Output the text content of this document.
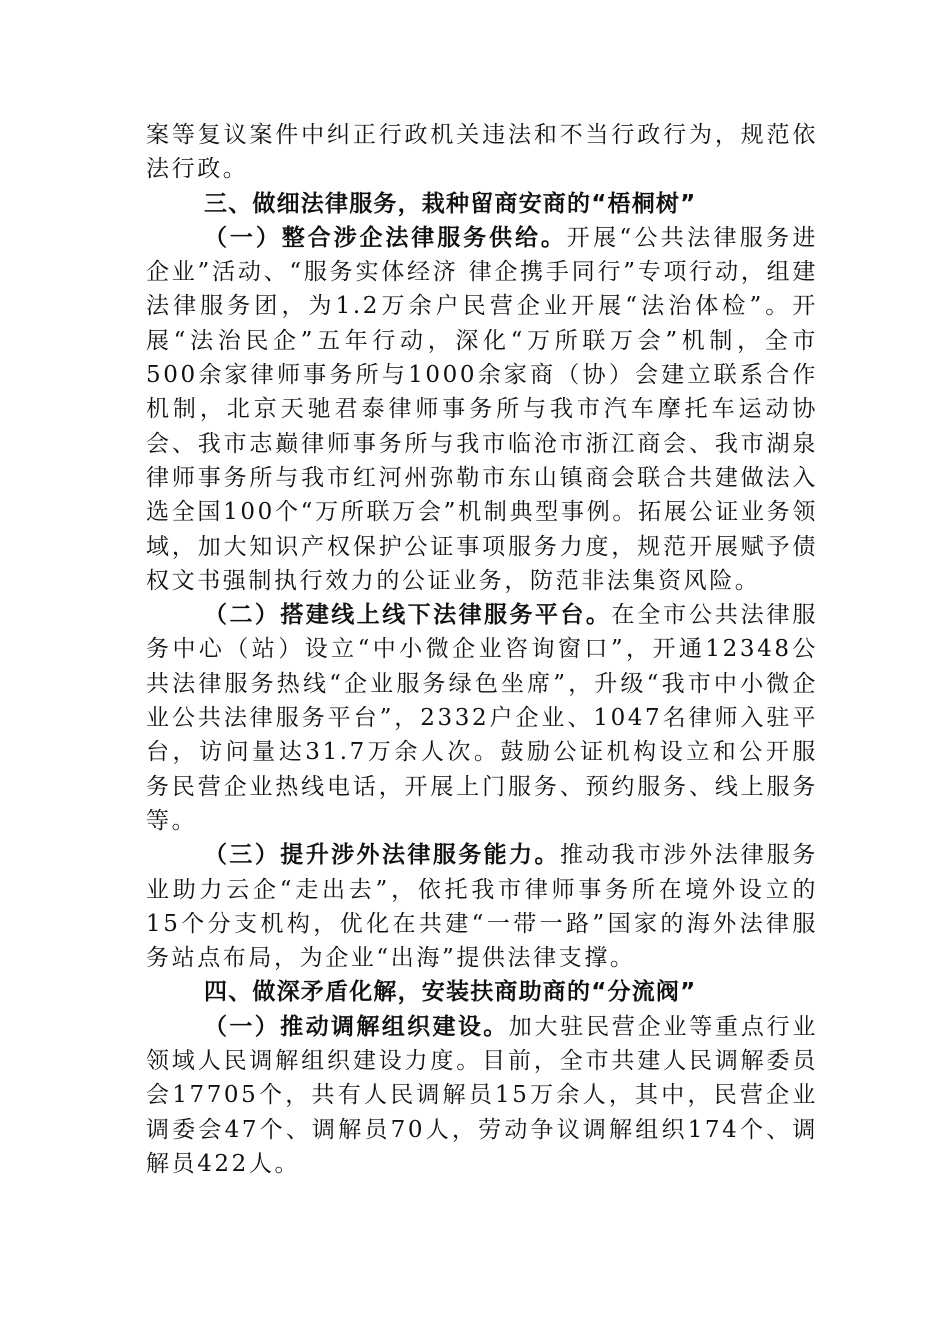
案等复议案件中纠正行政机关违法和不当行政行为，规范依法行政。

三、做细法律服务，栽种留商安商的“梧桐树”

（一）整合涉企法律服务供给。开展“公共法律服务进企业”活动、“服务实体经济 律企携手同行”专项行动，组建法律服务团，为1.2万余户民营企业开展“法治体检”。开展“法治民企”五年行动，深化“万所联万会”机制，全市500余家律师事务所与1000余家商（协）会建立联系合作机制，北京天驰君泰律师事务所与我市汽车摩托车运动协会、我市志巅律师事务所与我市临沧市浙江商会、我市湖泉律师事务所与我市红河州弥勒市东山镇商会联合共建做法入选全国100个“万所联万会”机制典型事例。拓展公证业务领域，加大知识产权保护公证事项服务力度，规范开展赋予债权文书强制执行效力的公证业务，防范非法集资风险。

（二）搭建线上线下法律服务平台。在全市公共法律服务中心（站）设立“中小微企业咨询窗口”，开通12348公共法律服务热线“企业服务绿色坐席”，升级“我市中小微企业公共法律服务平台”，2332户企业、1047名律师入驻平台，访问量达31.7万余人次。鼓励公证机构设立和公开服务民营企业热线电话，开展上门服务、预约服务、线上服务等。

（三）提升涉外法律服务能力。推动我市涉外法律服务业助力云企“走出去”，依托我市律师事务所在境外设立的15个分支机构，优化在共建“一带一路”国家的海外法律服务站点布局，为企业“出海”提供法律支撑。

四、做深矛盾化解，安装扶商助商的“分流阀”

（一）推动调解组织建设。加大驻民营企业等重点行业领域人民调解组织建设力度。目前，全市共建人民调解委员会17705个，共有人民调解员15万余人，其中，民营企业调委会47个、调解员70人，劳动争议调解组织174个、调解员422人。
